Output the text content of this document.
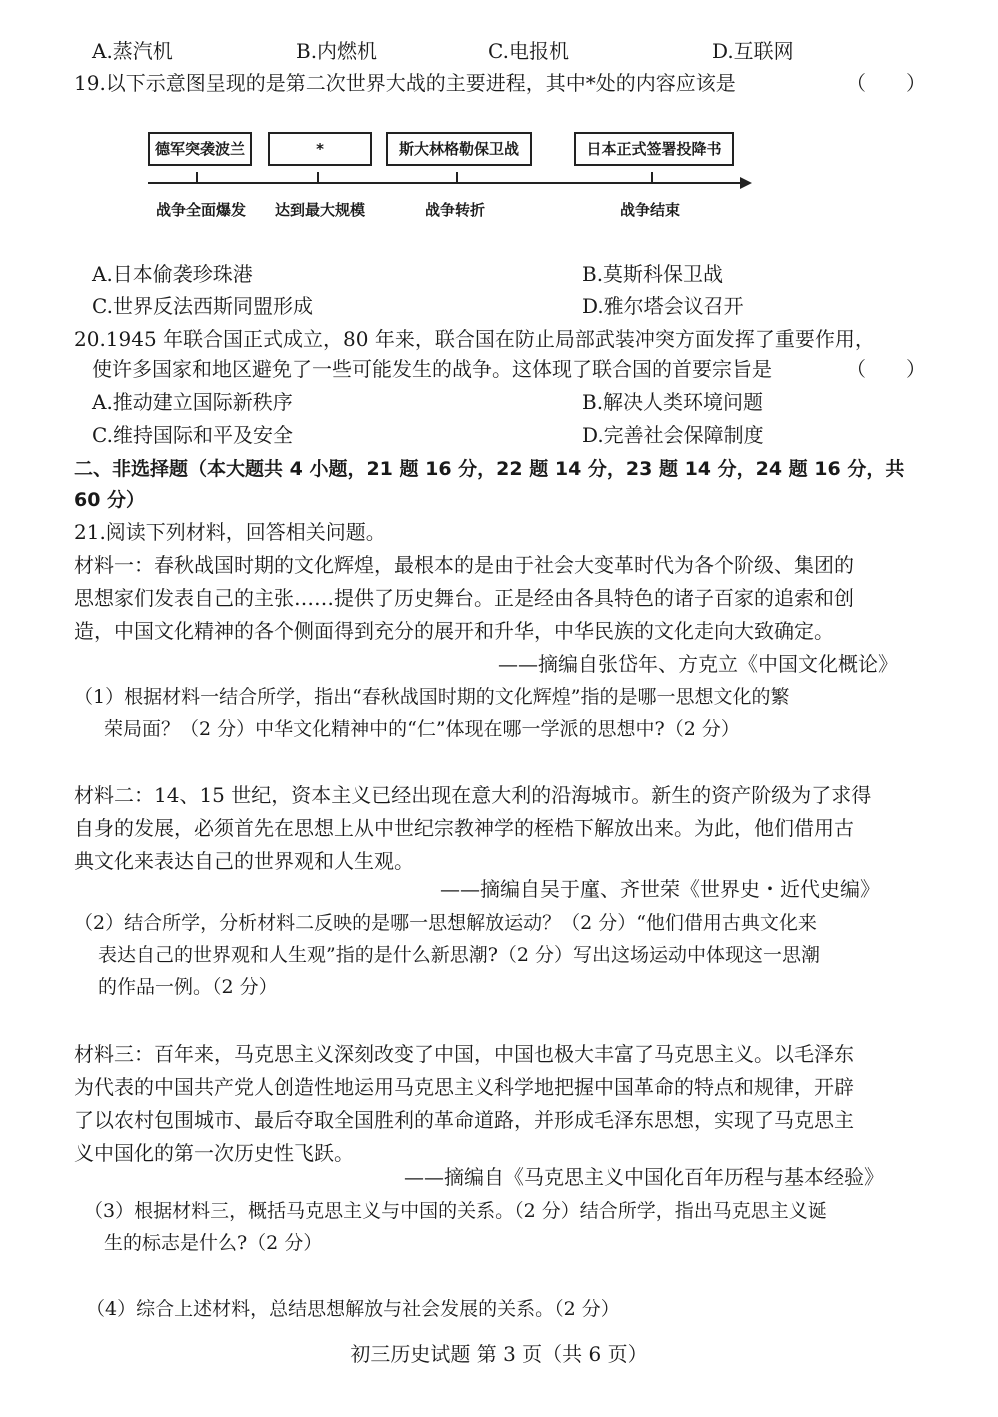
A.蒸汽机	B.内燃机	C.电报机	D.互联网
19.以下示意图呈现的是第二次世界大战的主要进程，其中*处的内容应该是	（　　）
德军突袭波兰	*	斯大林格勒保卫战	日本正式签署投降书
战争全面爆发 达到最大规模	战争转折	战争结束
A.日本偷袭珍珠港	B.莫斯科保卫战
C.世界反法西斯同盟形成	D.雅尔塔会议召开
20.1945 年联合国正式成立，80 年来，联合国在防止局部武装冲突方面发挥了重要作用，
使许多国家和地区避免了一些可能发生的战争。这体现了联合国的首要宗旨是	（　　）
A.推动建立国际新秩序	B.解决人类环境问题
C.维持国际和平及安全	D.完善社会保障制度
二、非选择题（本大题共 4 小题，21 题 16 分，22 题 14 分，23 题 14 分，24 题 16 分，共
60 分）
21.阅读下列材料，回答相关问题。
材料一：春秋战国时期的文化辉煌，最根本的是由于社会大变革时代为各个阶级、集团的
思想家们发表自己的主张……提供了历史舞台。正是经由各具特色的诸子百家的追索和创
造，中国文化精神的各个侧面得到充分的展开和升华，中华民族的文化走向大致确定。
——摘编自张岱年、方克立《中国文化概论》
（1）根据材料一结合所学，指出“春秋战国时期的文化辉煌”指的是哪一思想文化的繁
荣局面？（2 分）中华文化精神中的“仁”体现在哪一学派的思想中?（2 分）
材料二：14、15 世纪，资本主义已经出现在意大利的沿海城市。新生的资产阶级为了求得
自身的发展，必须首先在思想上从中世纪宗教神学的桎梏下解放出来。为此，他们借用古
典文化来表达自己的世界观和人生观。
——摘编自吴于廑、齐世荣《世界史・近代史编》
（2）结合所学，分析材料二反映的是哪一思想解放运动？（2 分）“他们借用古典文化来
表达自己的世界观和人生观”指的是什么新思潮?（2 分）写出这场运动中体现这一思潮
的作品一例。（2 分）
材料三：百年来，马克思主义深刻改变了中国，中国也极大丰富了马克思主义。以毛泽东
为代表的中国共产党人创造性地运用马克思主义科学地把握中国革命的特点和规律，开辟
了以农村包围城市、最后夺取全国胜利的革命道路，并形成毛泽东思想，实现了马克思主
义中国化的第一次历史性飞跃。
——摘编自《马克思主义中国化百年历程与基本经验》
（3）根据材料三，概括马克思主义与中国的关系。（2 分）结合所学，指出马克思主义诞
生的标志是什么?（2 分）
（4）综合上述材料，总结思想解放与社会发展的关系。（2 分）
初三历史试题 第 3 页（共 6 页）
